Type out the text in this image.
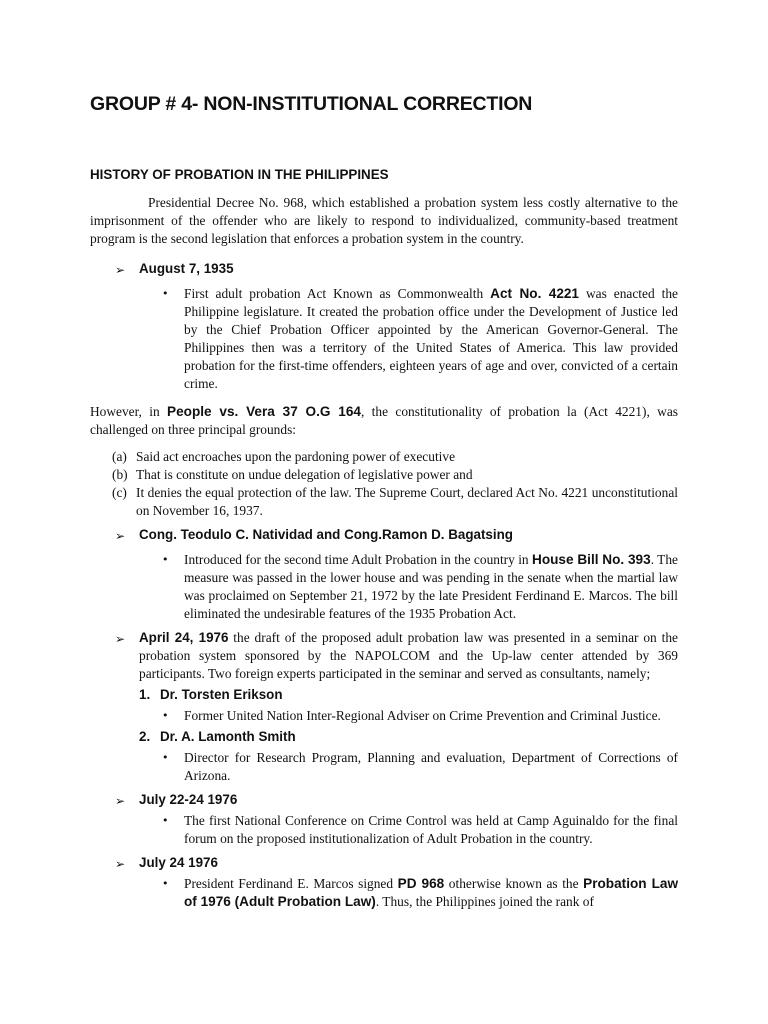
GROUP # 4- NON-INSTITUTIONAL CORRECTION
HISTORY OF PROBATION IN THE PHILIPPINES

Presidential Decree No. 968, which established a probation system less costly alternative to the imprisonment of the offender who are likely to respond to individualized, community-based treatment program is the second legislation that enforces a probation system in the country.

➢ August 7, 1935
• First adult probation Act Known as Commonwealth Act No. 4221 was enacted the Philippine legislature. It created the probation office under the Development of Justice led by the Chief Probation Officer appointed by the American Governor-General. The Philippines then was a territory of the United States of America. This law provided probation for the first-time offenders, eighteen years of age and over, convicted of a certain crime.

However, in People vs. Vera 37 O.G 164, the constitutionality of probation la (Act 4221), was challenged on three principal grounds:

(a) Said act encroaches upon the pardoning power of executive
(b) That is constitute on undue delegation of legislative power and
(c) It denies the equal protection of the law. The Supreme Court, declared Act No. 4221 unconstitutional on November 16, 1937.
➢ Cong. Teodulo C. Natividad and Cong.Ramon D. Bagatsing
• Introduced for the second time Adult Probation in the country in House Bill No. 393. The measure was passed in the lower house and was pending in the senate when the martial law was proclaimed on September 21, 1972 by the late President Ferdinand E. Marcos. The bill eliminated the undesirable features of the 1935 Probation Act.

➢ April 24, 1976 the draft of the proposed adult probation law was presented in a seminar on the probation system sponsored by the NAPOLCOM and the Up-law center attended by 369 participants. Two foreign experts participated in the seminar and served as consultants, namely;

1. Dr. Torsten Erikson
• Former United Nation Inter-Regional Adviser on Crime Prevention and Criminal Justice.

2. Dr. A. Lamonth Smith
• Director for Research Program, Planning and evaluation, Department of Corrections of Arizona.

➢ July 22-24 1976
• The first National Conference on Crime Control was held at Camp Aguinaldo for the final forum on the proposed institutionalization of Adult Probation in the country.

➢ July 24 1976
• President Ferdinand E. Marcos signed PD 968 otherwise known as the Probation Law of 1976 (Adult Probation Law). Thus, the Philippines joined the rank of
